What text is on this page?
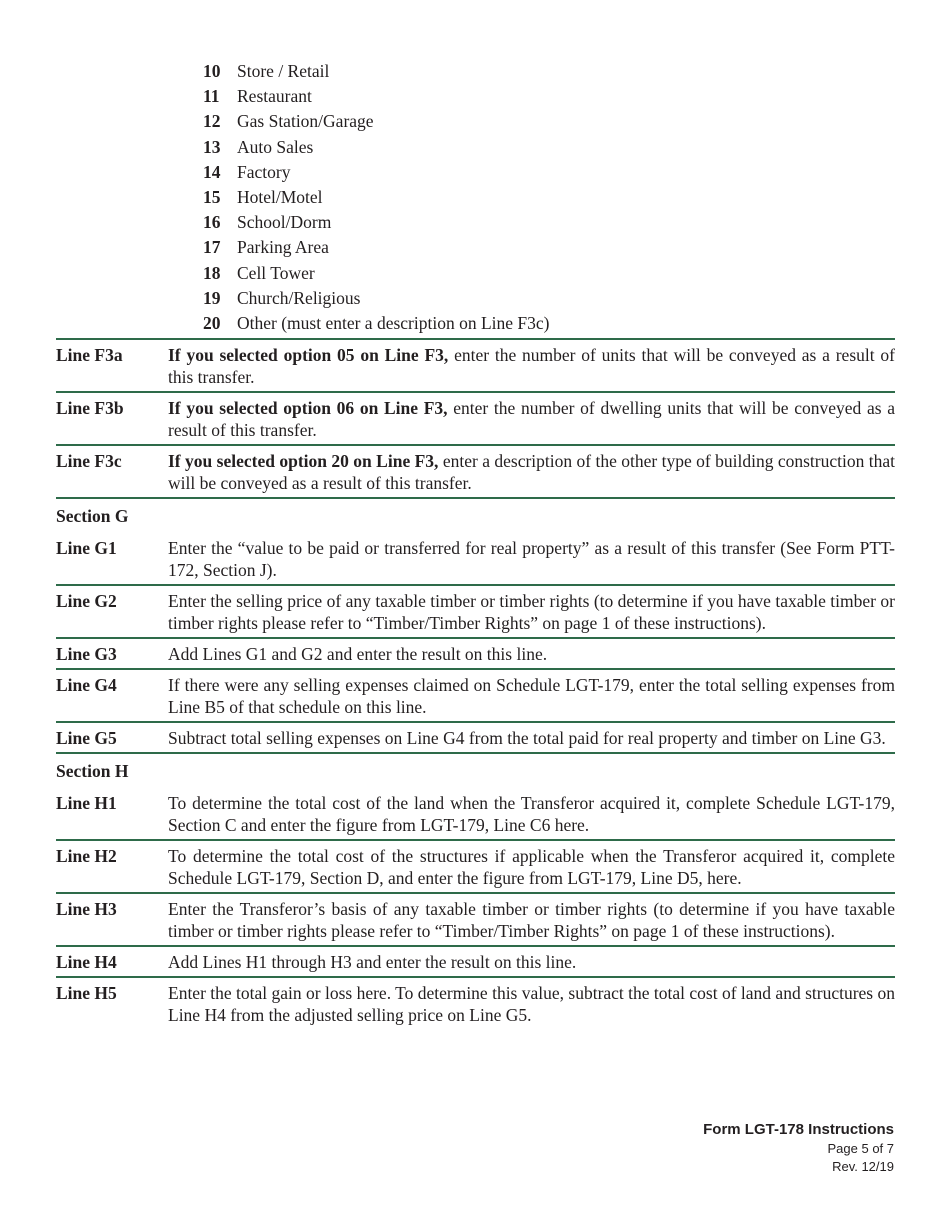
10 Store / Retail
11 Restaurant
12 Gas Station/Garage
13 Auto Sales
14 Factory
15 Hotel/Motel
16 School/Dorm
17 Parking Area
18 Cell Tower
19 Church/Religious
20 Other (must enter a description on Line F3c)
Line F3a	If you selected option 05 on Line F3, enter the number of units that will be conveyed as a result of this transfer.
Line F3b	If you selected option 06 on Line F3, enter the number of dwelling units that will be conveyed as a result of this transfer.
Line F3c	If you selected option 20 on Line F3, enter a description of the other type of building construction that will be conveyed as a result of this transfer.
Section G
Line G1	Enter the “value to be paid or transferred for real property” as a result of this transfer (See Form PTT-172, Section J).
Line G2	Enter the selling price of any taxable timber or timber rights (to determine if you have taxable timber or timber rights please refer to “Timber/Timber Rights” on page 1 of these instructions).
Line G3	Add Lines G1 and G2 and enter the result on this line.
Line G4	If there were any selling expenses claimed on Schedule LGT-179, enter the total selling expenses from Line B5 of that schedule on this line.
Line G5	Subtract total selling expenses on Line G4 from the total paid for real property and timber on Line G3.
Section H
Line H1	To determine the total cost of the land when the Transferor acquired it, complete Schedule LGT-179, Section C and enter the figure from LGT-179, Line C6 here.
Line H2	To determine the total cost of the structures if applicable when the Transferor acquired it, complete Schedule LGT-179, Section D, and enter the figure from LGT-179, Line D5, here.
Line H3	Enter the Transferor’s basis of any taxable timber or timber rights (to determine if you have taxable timber or timber rights please refer to “Timber/Timber Rights” on page 1 of these instructions).
Line H4	Add Lines H1 through H3 and enter the result on this line.
Line H5	Enter the total gain or loss here. To determine this value, subtract the total cost of land and structures on Line H4 from the adjusted selling price on Line G5.
Form LGT-178 Instructions
Page 5 of 7
Rev. 12/19
